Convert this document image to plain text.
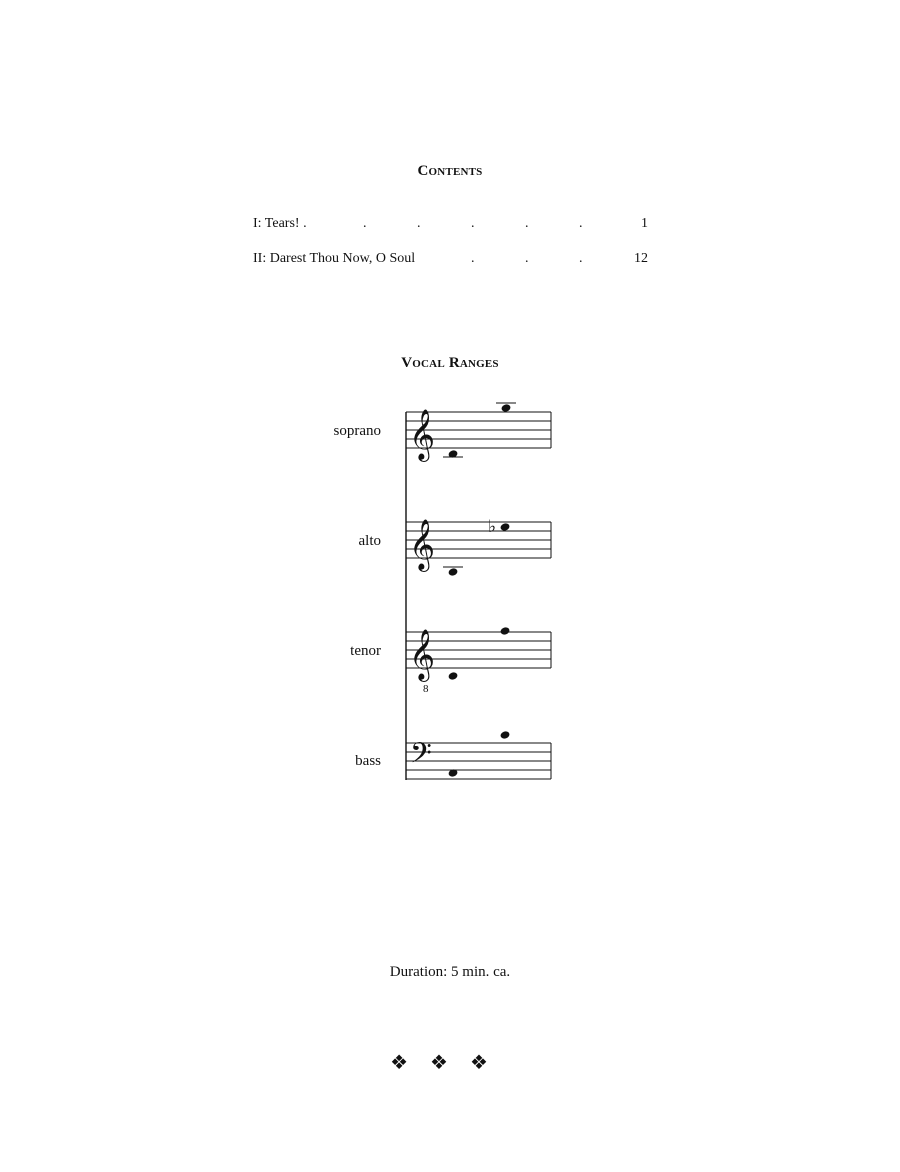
Contents
I: Tears! .	.	.	.	.	.	1
II: Darest Thou Now, O Soul	.	.	.	12
Vocal Ranges
soprano
alto
tenor
bass
𝄞
𝄞	♭
𝄞
8
𝄢
Duration: 5 min. ca.
❖❖❖
